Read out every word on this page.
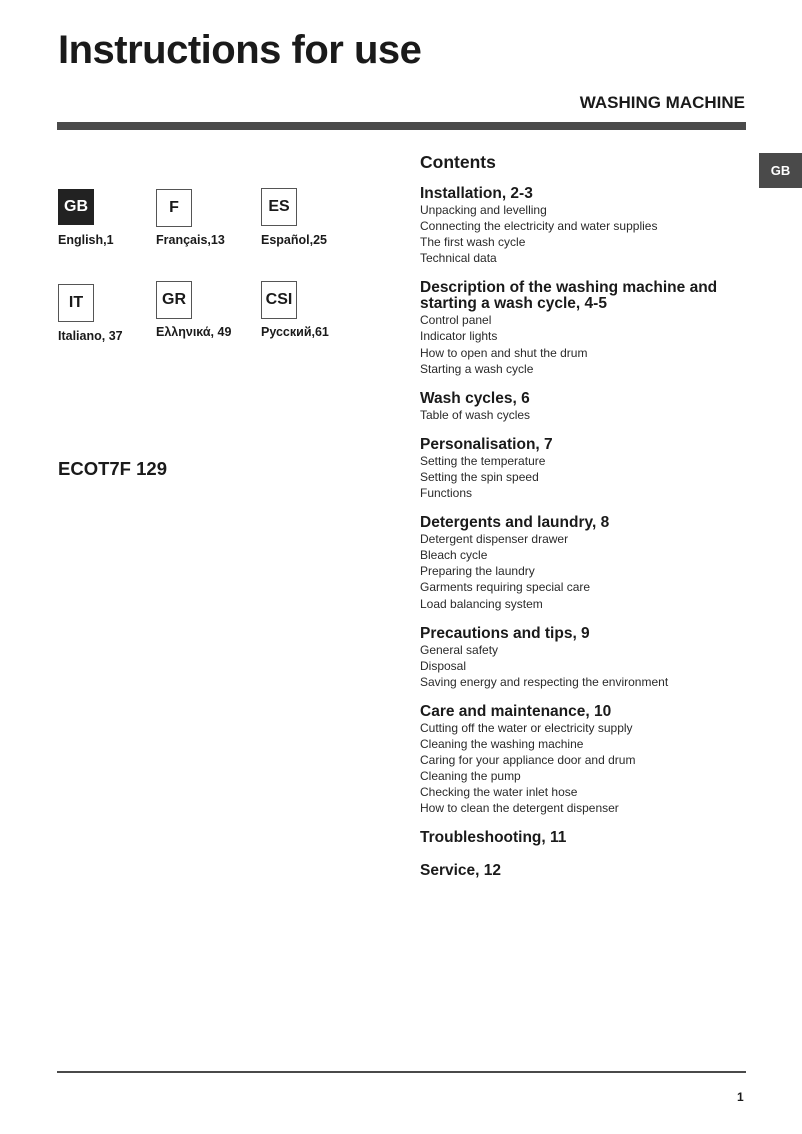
Instructions for use
WASHING MACHINE
GB
GB
English,1
F
Français,13
ES
Español,25
IT
Italiano, 37
GR
Ελληνικά, 49
CSI
Русский,61
ECOT7F 129
Contents
Installation, 2-3
Unpacking and levelling
Connecting the electricity and water supplies
The first wash cycle
Technical data
Description of the washing machine and starting a wash cycle, 4-5
Control panel
Indicator lights
How to open and shut the drum
Starting a wash cycle
Wash cycles, 6
Table of wash cycles
Personalisation, 7
Setting the temperature
Setting the spin speed
Functions
Detergents and laundry, 8
Detergent dispenser drawer
Bleach cycle
Preparing the laundry
Garments requiring special care
Load balancing system
Precautions and tips, 9
General safety
Disposal
Saving energy and respecting the environment
Care and maintenance, 10
Cutting off the water or electricity supply
Cleaning the washing machine
Caring for your appliance door and drum
Cleaning the pump
Checking the water inlet hose
How to clean the detergent dispenser
Troubleshooting, 11
Service, 12
1
